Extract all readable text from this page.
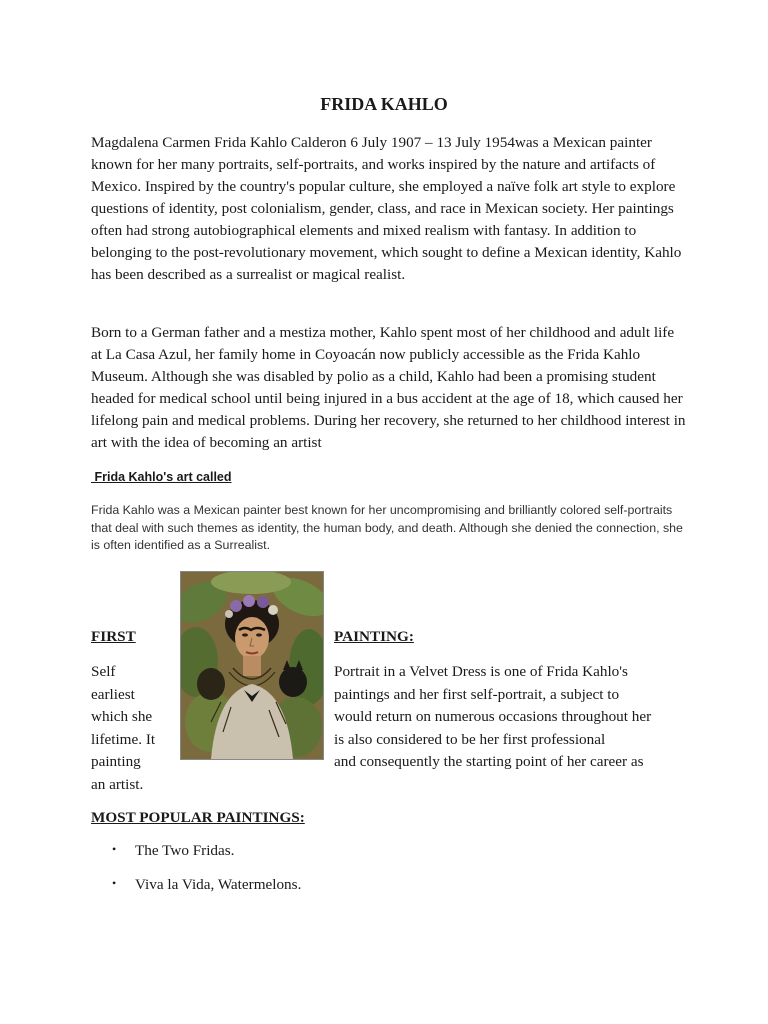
FRIDA KAHLO

Magdalena Carmen Frida Kahlo Calderon 6 July 1907 – 13 July 1954was a Mexican painter known for her many portraits, self-portraits, and works inspired by the nature and artifacts of Mexico. Inspired by the country's popular culture, she employed a naïve folk art style to explore questions of identity, post colonialism, gender, class, and race in Mexican society. Her paintings often had strong autobiographical elements and mixed realism with fantasy. In addition to belonging to the post-revolutionary movement, which sought to define a Mexican identity, Kahlo has been described as a surrealist or magical realist.

Born to a German father and a mestiza mother, Kahlo spent most of her childhood and adult life at La Casa Azul, her family home in Coyoacán now publicly accessible as the Frida Kahlo Museum. Although she was disabled by polio as a child, Kahlo had been a promising student headed for medical school until being injured in a bus accident at the age of 18, which caused her lifelong pain and medical problems. During her recovery, she returned to her childhood interest in art with the idea of becoming an artist

Frida Kahlo's art called

Frida Kahlo was a Mexican painter best known for her uncompromising and brilliantly colored self-portraits that deal with such themes as identity, the human body, and death. Although she denied the connection, she is often identified as a Surrealist.

FIRST	PAINTING:

Self
earliest
which she
lifetime. It
painting
an artist.
Portrait in a Velvet Dress is one of Frida Kahlo's
paintings and her first self-portrait, a subject to
would return on numerous occasions throughout her
is also considered to be her first professional
and consequently the starting point of her career as

MOST POPULAR PAINTINGS:

• The Two Fridas.
• Viva la Vida, Watermelons.
